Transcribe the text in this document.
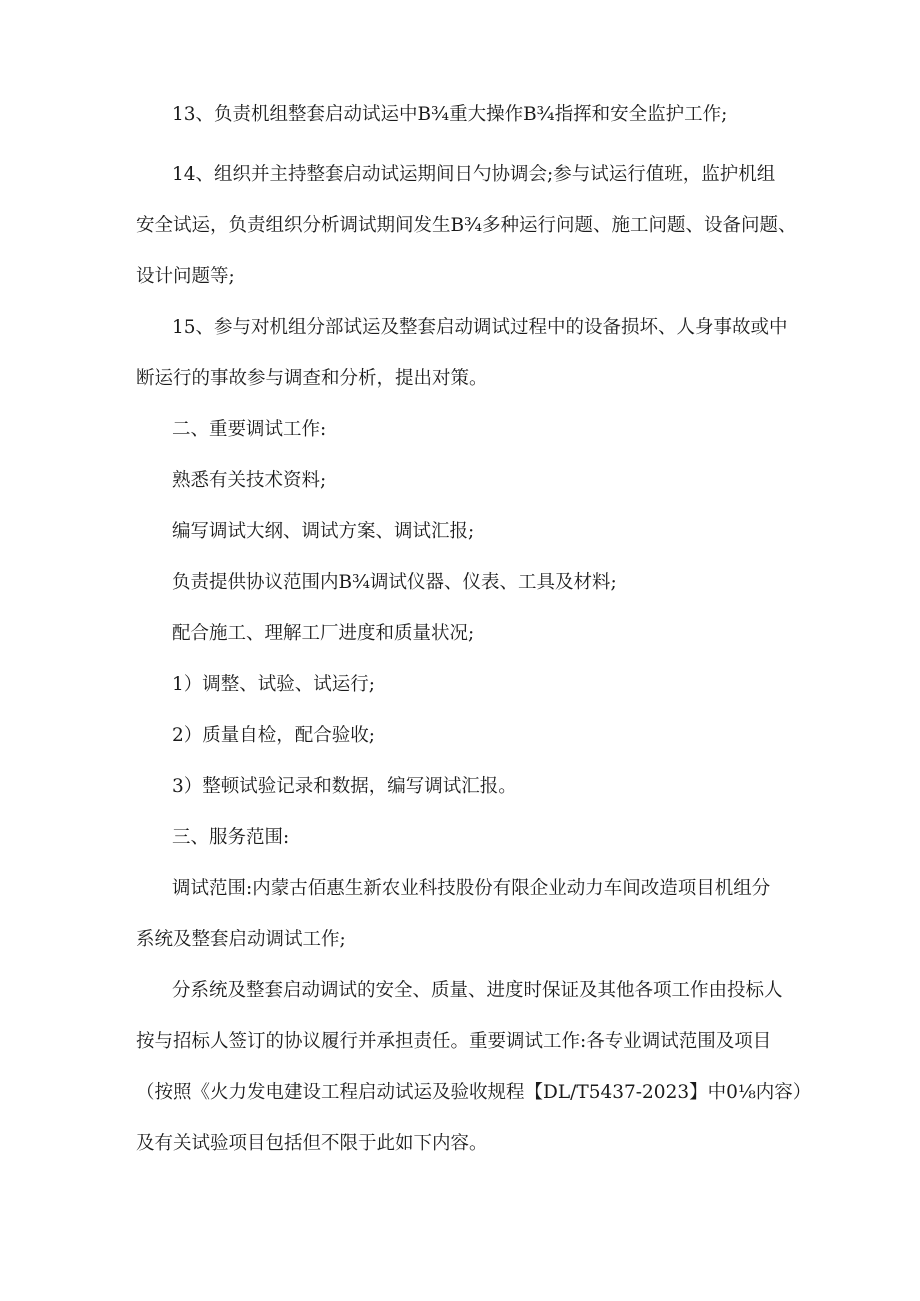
13、负责机组整套启动试运中B¾重大操作B¾指挥和安全监护工作;
14、组织并主持整套启动试运期间日勺协调会;参与试运行值班，监护机组
安全试运，负责组织分析调试期间发生B¾多种运行问题、施工问题、设备问题、
设计问题等;
15、参与对机组分部试运及整套启动调试过程中的设备损坏、人身事故或中
断运行的事故参与调查和分析，提出对策。
二、重要调试工作:
熟悉有关技术资料;
编写调试大纲、调试方案、调试汇报;
负责提供协议范围内B¾调试仪器、仪表、工具及材料;
配合施工、理解工厂进度和质量状况;
1）调整、试验、试运行;
2）质量自检，配合验收;
3）整顿试验记录和数据，编写调试汇报。
三、服务范围:
调试范围:内蒙古佰惠生新农业科技股份有限企业动力车间改造项目机组分
系统及整套启动调试工作;
分系统及整套启动调试的安全、质量、进度时保证及其他各项工作由投标人
按与招标人签订的协议履行并承担责任。重要调试工作:各专业调试范围及项目
（按照《火力发电建设工程启动试运及验收规程【DL/T5437-2023】中0⅛内容）
及有关试验项目包括但不限于此如下内容。
